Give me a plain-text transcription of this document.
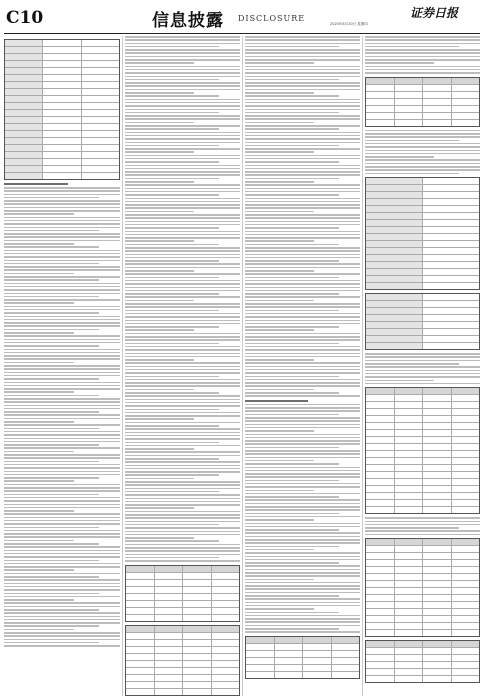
C10	信息披露 DISCLOSURE	证券日报
2020年8月20日 星期四
